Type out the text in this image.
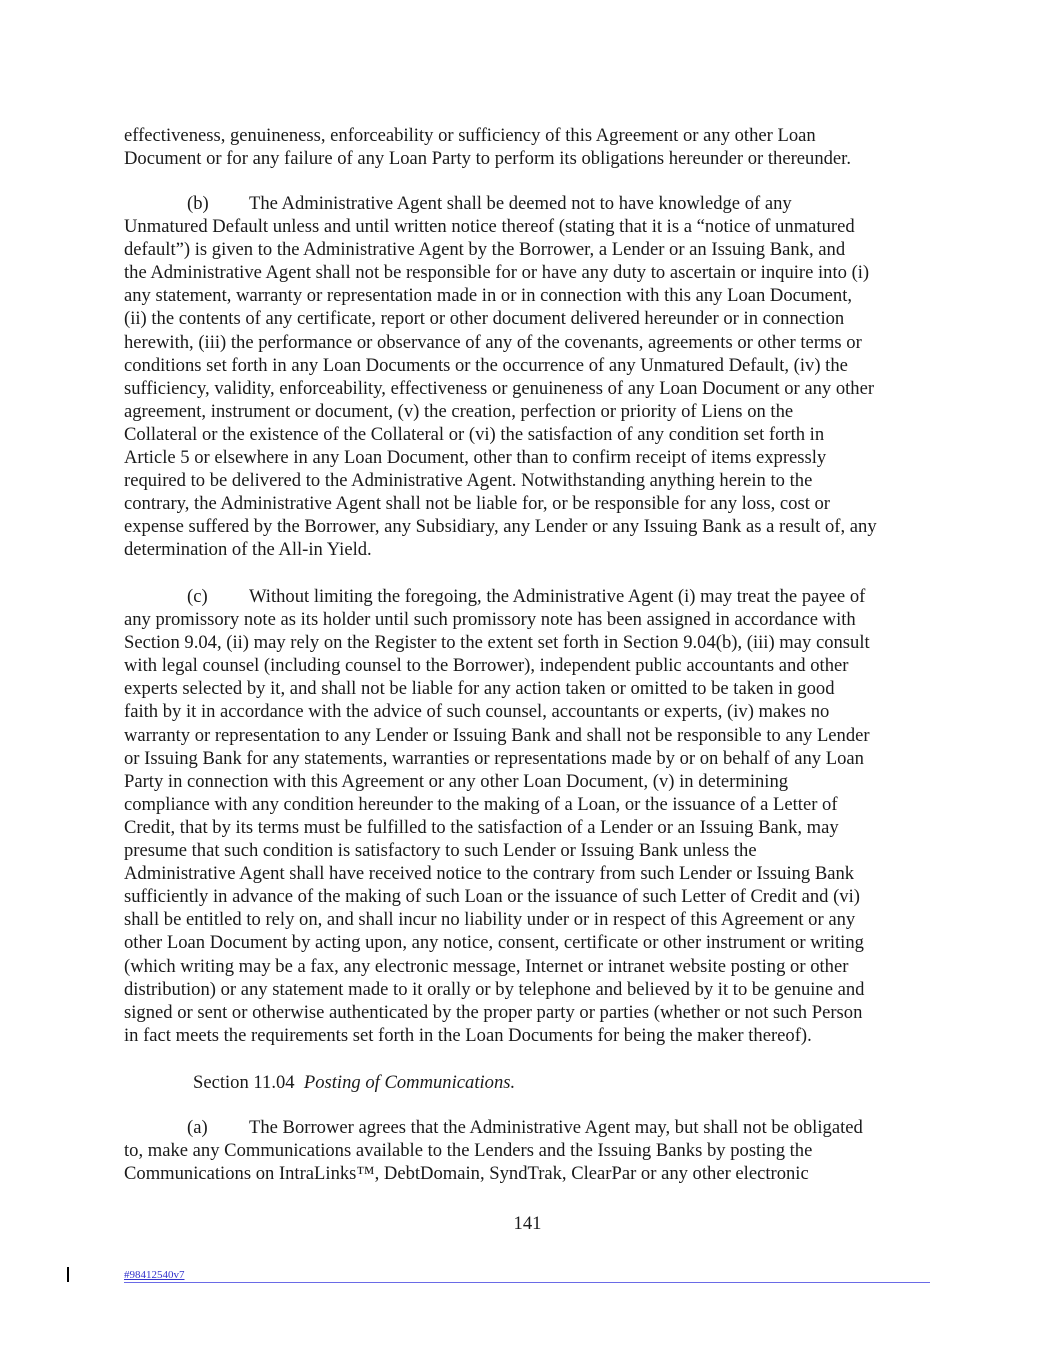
effectiveness, genuineness, enforceability or sufficiency of this Agreement or any other Loan
Document or for any failure of any Loan Party to perform its obligations hereunder or thereunder.
(b) The Administrative Agent shall be deemed not to have knowledge of any
Unmatured Default unless and until written notice thereof (stating that it is a “notice of unmatured
default”) is given to the Administrative Agent by the Borrower, a Lender or an Issuing Bank, and
the Administrative Agent shall not be responsible for or have any duty to ascertain or inquire into (i)
any statement, warranty or representation made in or in connection with this any Loan Document,
(ii) the contents of any certificate, report or other document delivered hereunder or in connection
herewith, (iii) the performance or observance of any of the covenants, agreements or other terms or
conditions set forth in any Loan Documents or the occurrence of any Unmatured Default, (iv) the
sufficiency, validity, enforceability, effectiveness or genuineness of any Loan Document or any other
agreement, instrument or document, (v) the creation, perfection or priority of Liens on the
Collateral or the existence of the Collateral or (vi) the satisfaction of any condition set forth in
Article 5 or elsewhere in any Loan Document, other than to confirm receipt of items expressly
required to be delivered to the Administrative Agent. Notwithstanding anything herein to the
contrary, the Administrative Agent shall not be liable for, or be responsible for any loss, cost or
expense suffered by the Borrower, any Subsidiary, any Lender or any Issuing Bank as a result of, any
determination of the All-in Yield.
(c) Without limiting the foregoing, the Administrative Agent (i) may treat the payee of
any promissory note as its holder until such promissory note has been assigned in accordance with
Section 9.04, (ii) may rely on the Register to the extent set forth in Section 9.04(b), (iii) may consult
with legal counsel (including counsel to the Borrower), independent public accountants and other
experts selected by it, and shall not be liable for any action taken or omitted to be taken in good
faith by it in accordance with the advice of such counsel, accountants or experts, (iv) makes no
warranty or representation to any Lender or Issuing Bank and shall not be responsible to any Lender
or Issuing Bank for any statements, warranties or representations made by or on behalf of any Loan
Party in connection with this Agreement or any other Loan Document, (v) in determining
compliance with any condition hereunder to the making of a Loan, or the issuance of a Letter of
Credit, that by its terms must be fulfilled to the satisfaction of a Lender or an Issuing Bank, may
presume that such condition is satisfactory to such Lender or Issuing Bank unless the
Administrative Agent shall have received notice to the contrary from such Lender or Issuing Bank
sufficiently in advance of the making of such Loan or the issuance of such Letter of Credit and (vi)
shall be entitled to rely on, and shall incur no liability under or in respect of this Agreement or any
other Loan Document by acting upon, any notice, consent, certificate or other instrument or writing
(which writing may be a fax, any electronic message, Internet or intranet website posting or other
distribution) or any statement made to it orally or by telephone and believed by it to be genuine and
signed or sent or otherwise authenticated by the proper party or parties (whether or not such Person
in fact meets the requirements set forth in the Loan Documents for being the maker thereof).
Section 11.04 Posting of Communications.
(a) The Borrower agrees that the Administrative Agent may, but shall not be obligated
to, make any Communications available to the Lenders and the Issuing Banks by posting the
Communications on IntraLinks™, DebtDomain, SyndTrak, ClearPar or any other electronic
141
#98412540v7
